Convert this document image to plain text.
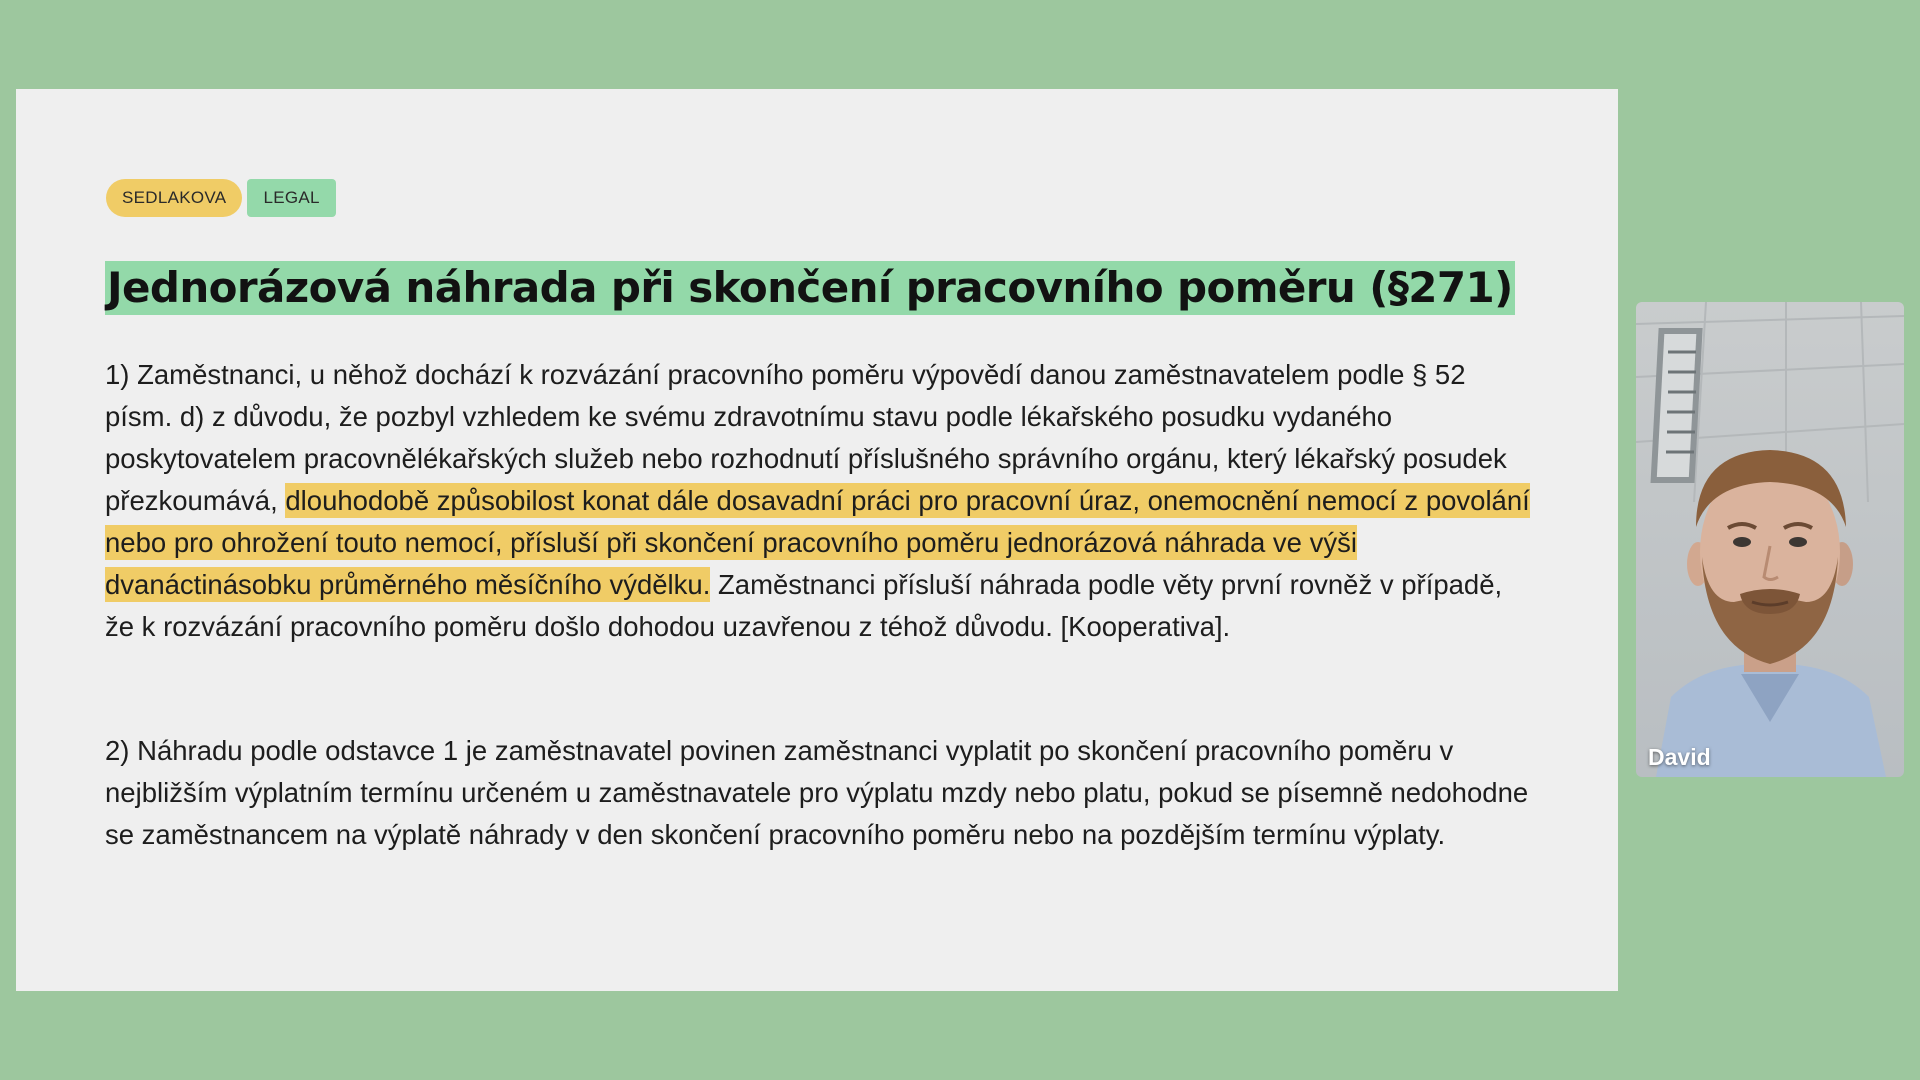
SEDLAKOVA	LEGAL
Jednorázová náhrada při skončení pracovního poměru (§271)

1) Zaměstnanci, u něhož dochází k rozvázání pracovního poměru výpovědí danou zaměstnavatelem podle § 52 písm. d) z důvodu, že pozbyl vzhledem ke svému zdravotnímu stavu podle lékařského posudku vydaného poskytovatelem pracovnělékařských služeb nebo rozhodnutí příslušného správního orgánu, který lékařský posudek přezkoumává, dlouhodobě způsobilost konat dále dosavadní práci pro pracovní úraz, onemocnění nemocí z povolání nebo pro ohrožení touto nemocí, přísluší při skončení pracovního poměru jednorázová náhrada ve výši dvanáctinásobku průměrného měsíčního výdělku. Zaměstnanci přísluší náhrada podle věty první rovněž v případě, že k rozvázání pracovního poměru došlo dohodou uzavřenou z téhož důvodu. [Kooperativa].

2) Náhradu podle odstavce 1 je zaměstnavatel povinen zaměstnanci vyplatit po skončení pracovního poměru v nejbližším výplatním termínu určeném u zaměstnavatele pro výplatu mzdy nebo platu, pokud se písemně nedohodne se zaměstnancem na výplatě náhrady v den skončení pracovního poměru nebo na pozdějším termínu výplaty.

David
